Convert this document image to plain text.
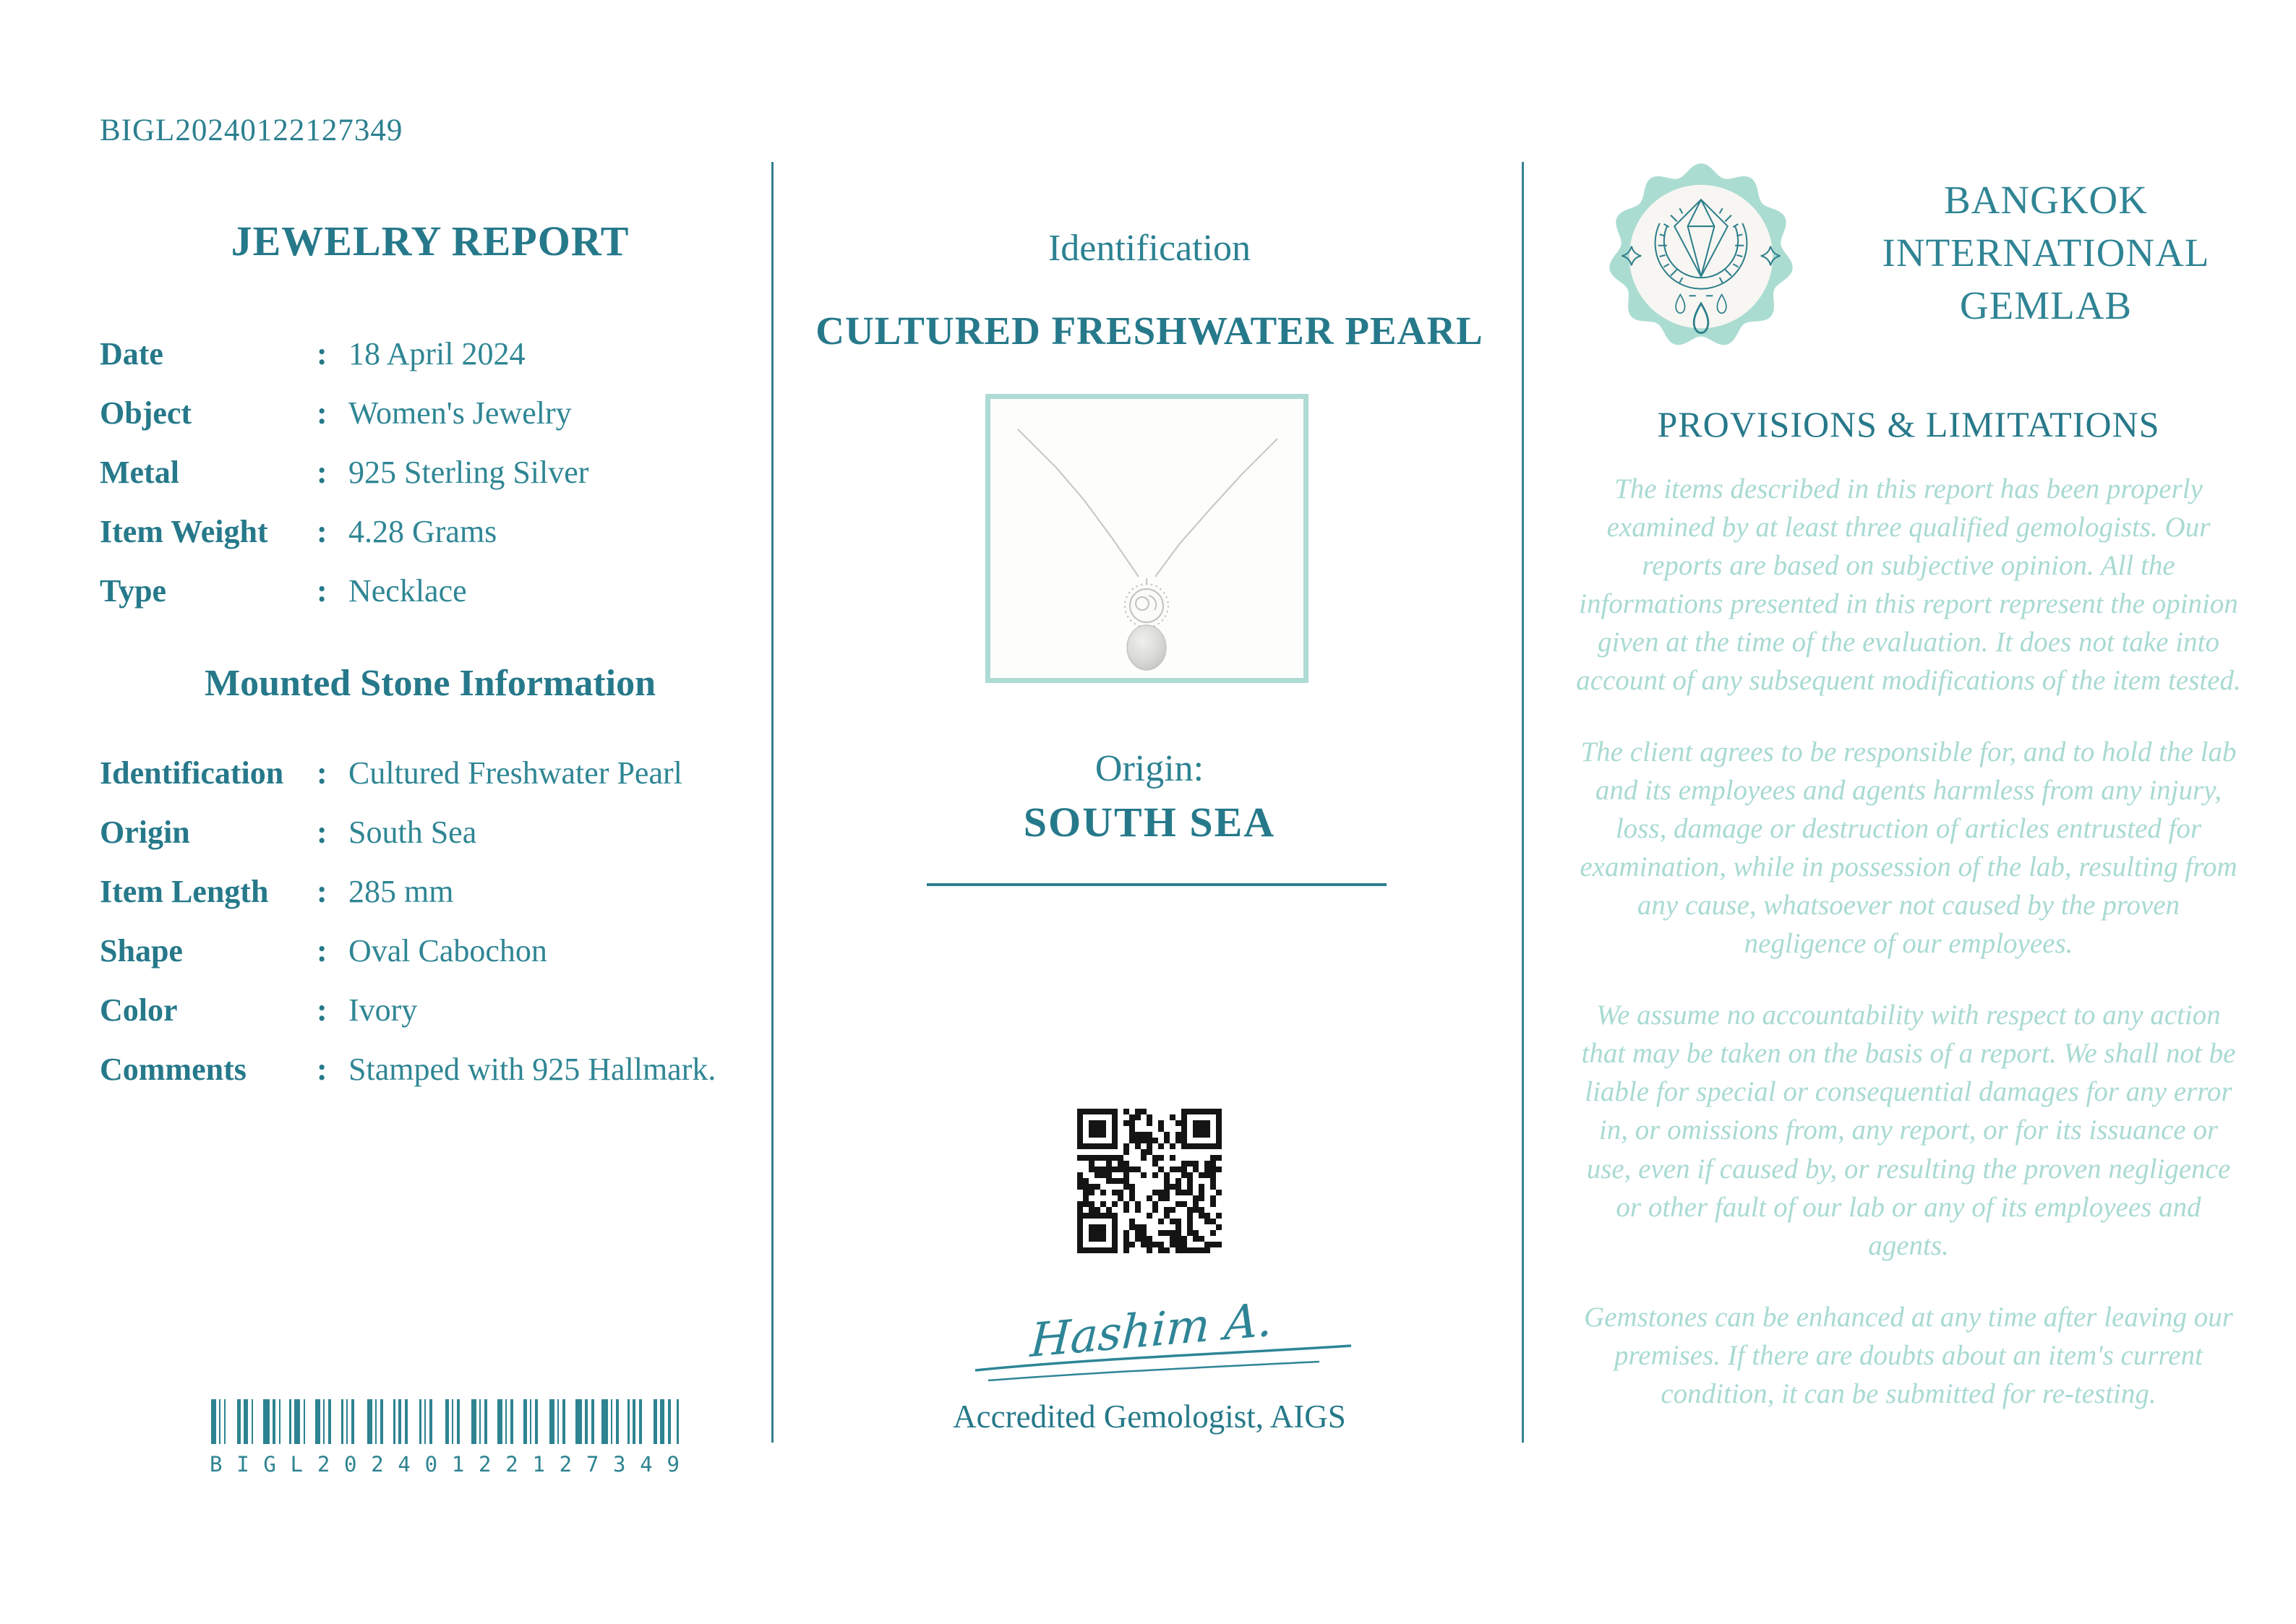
BIGL20240122127349
JEWELRY REPORT
Date	: 18 April 2024
Object	: Women's Jewelry
Metal	: 925 Sterling Silver
Item Weight	: 4.28 Grams
Type	: Necklace
Mounted Stone Information
Identification	: Cultured Freshwater Pearl
Origin	: South Sea
Item Length	: 285 mm
Shape	: Oval Cabochon
Color	: Ivory
Comments	: Stamped with 925 Hallmark.
B I G L 2 0 2 4 0 1 2 2 1 2 7 3 4 9
Identification
CULTURED FRESHWATER PEARL
Origin:
SOUTH SEA
Hashim A.
Accredited Gemologist, AIGS
BANGKOK
INTERNATIONAL
GEMLAB
PROVISIONS & LIMITATIONS

The items described in this report has been properly examined by at least three qualified gemologists. Our reports are based on subjective opinion. All the informations presented in this report represent the opinion given at the time of the evaluation. It does not take into account of any subsequent modifications of the item tested.

The client agrees to be responsible for, and to hold the lab and its employees and agents harmless from any injury, loss, damage or destruction of articles entrusted for examination, while in possession of the lab, resulting from any cause, whatsoever not caused by the proven negligence of our employees.

We assume no accountability with respect to any action that may be taken on the basis of a report. We shall not be liable for special or consequential damages for any error in, or omissions from, any report, or for its issuance or use, even if caused by, or resulting the proven negligence or other fault of our lab or any of its employees and agents.

Gemstones can be enhanced at any time after leaving our premises. If there are doubts about an item's current condition, it can be submitted for re-testing.
